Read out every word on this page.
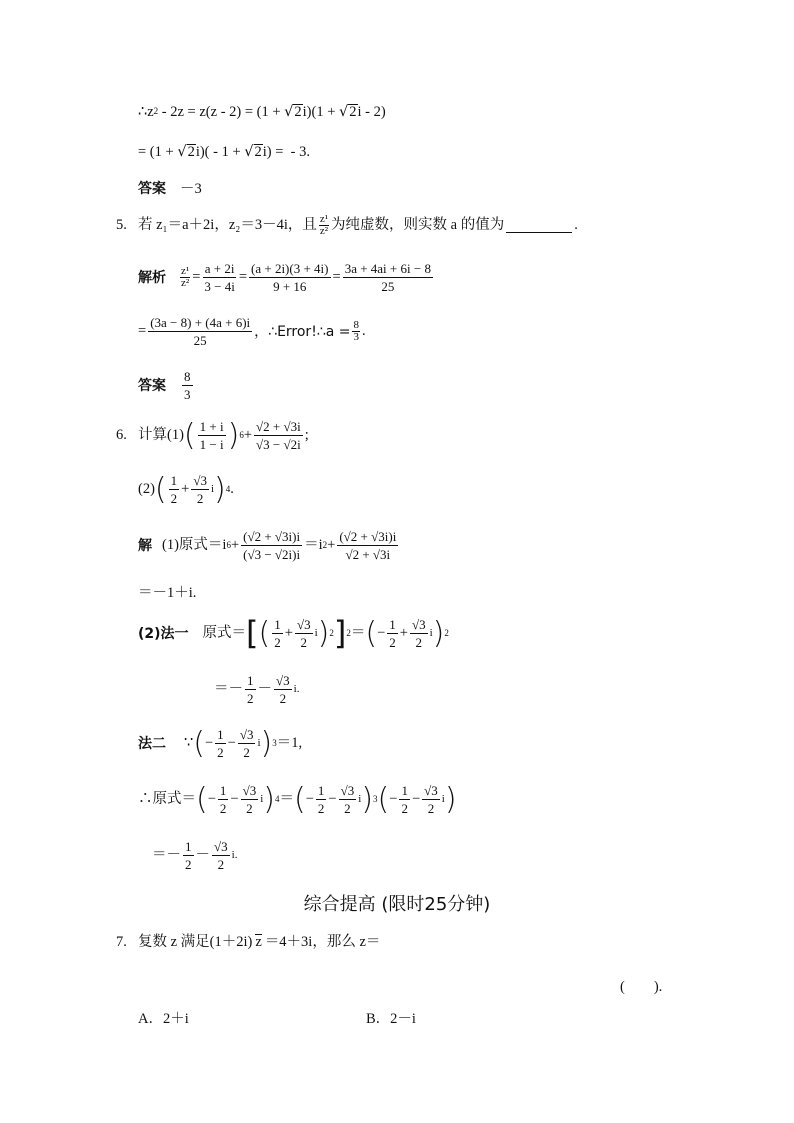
∴z 2 - 2z = z(z - 2) = (1 + √ 2 i)(1 + √ 2 i - 2)
= (1 + √ 2 i)( - 1 + √ 2 i) =  - 3.
答案 －3
5. 若 z₁＝a＋2i，z₂＝3－4i，且 $\frac{\text{z¹}}{\text{z²}}$ 为纯虚数，则实数 a 的值为	.
解析 $\frac{\text{z¹}}{\text{z²}} = \frac{a + 2i}{3 - 4i} = \frac{(a + 2i)(3 + 4i)}{9 + 16} = \frac{3a + 4ai + 6i - 8}{25}$
= $\frac{(3a - 8) + (4a + 6)i}{25}$ ，∴Error!∴a = $\frac{8}{3}$ .
答案 $\frac{8}{3}$
6. 计算(1) ( $\frac{1 + i}{1 - i}$ ) $6 + \frac{√2 + √3i}{√3 - √2i}$ ;
(2) ( $\frac{1}{2} + \frac{√3}{2}$ i ) 4 .
解 (1)原式＝i $6 + \frac{(√2 + √3i)i}{(√3 - √2i)i} =i$ $2 + \frac{(√2 + √3i)i}{√2 + √3i}$
＝－1＋i.
(2)法一 原式＝ [ ( $\frac{1}{2} + \frac{√3}{2}$ i ) 2 ] 2 ＝ ( − $\frac{1}{2} + \frac{√3}{2}$ i ) 2
＝－ $\frac{1}{2} - \frac{√3}{2} i$.
法二 ∵ ( − $\frac{1}{2} - \frac{√3}{2}$ i ) 3 ＝1,
∴原式＝ ( − $\frac{1}{2} - \frac{√3}{2}$ i ) 4 ＝ ( − $\frac{1}{2} - \frac{√3}{2}$ i ) 3 ( − $\frac{1}{2} - \frac{√3}{2}$ i )
＝－ $\frac{1}{2} - \frac{√3}{2} i$.
综合提高 (限时25分钟)
7. 复数 z 满足(1＋2i) z ＝4＋3i，那么 z＝
(　　).
A．2＋i	B．2－i
